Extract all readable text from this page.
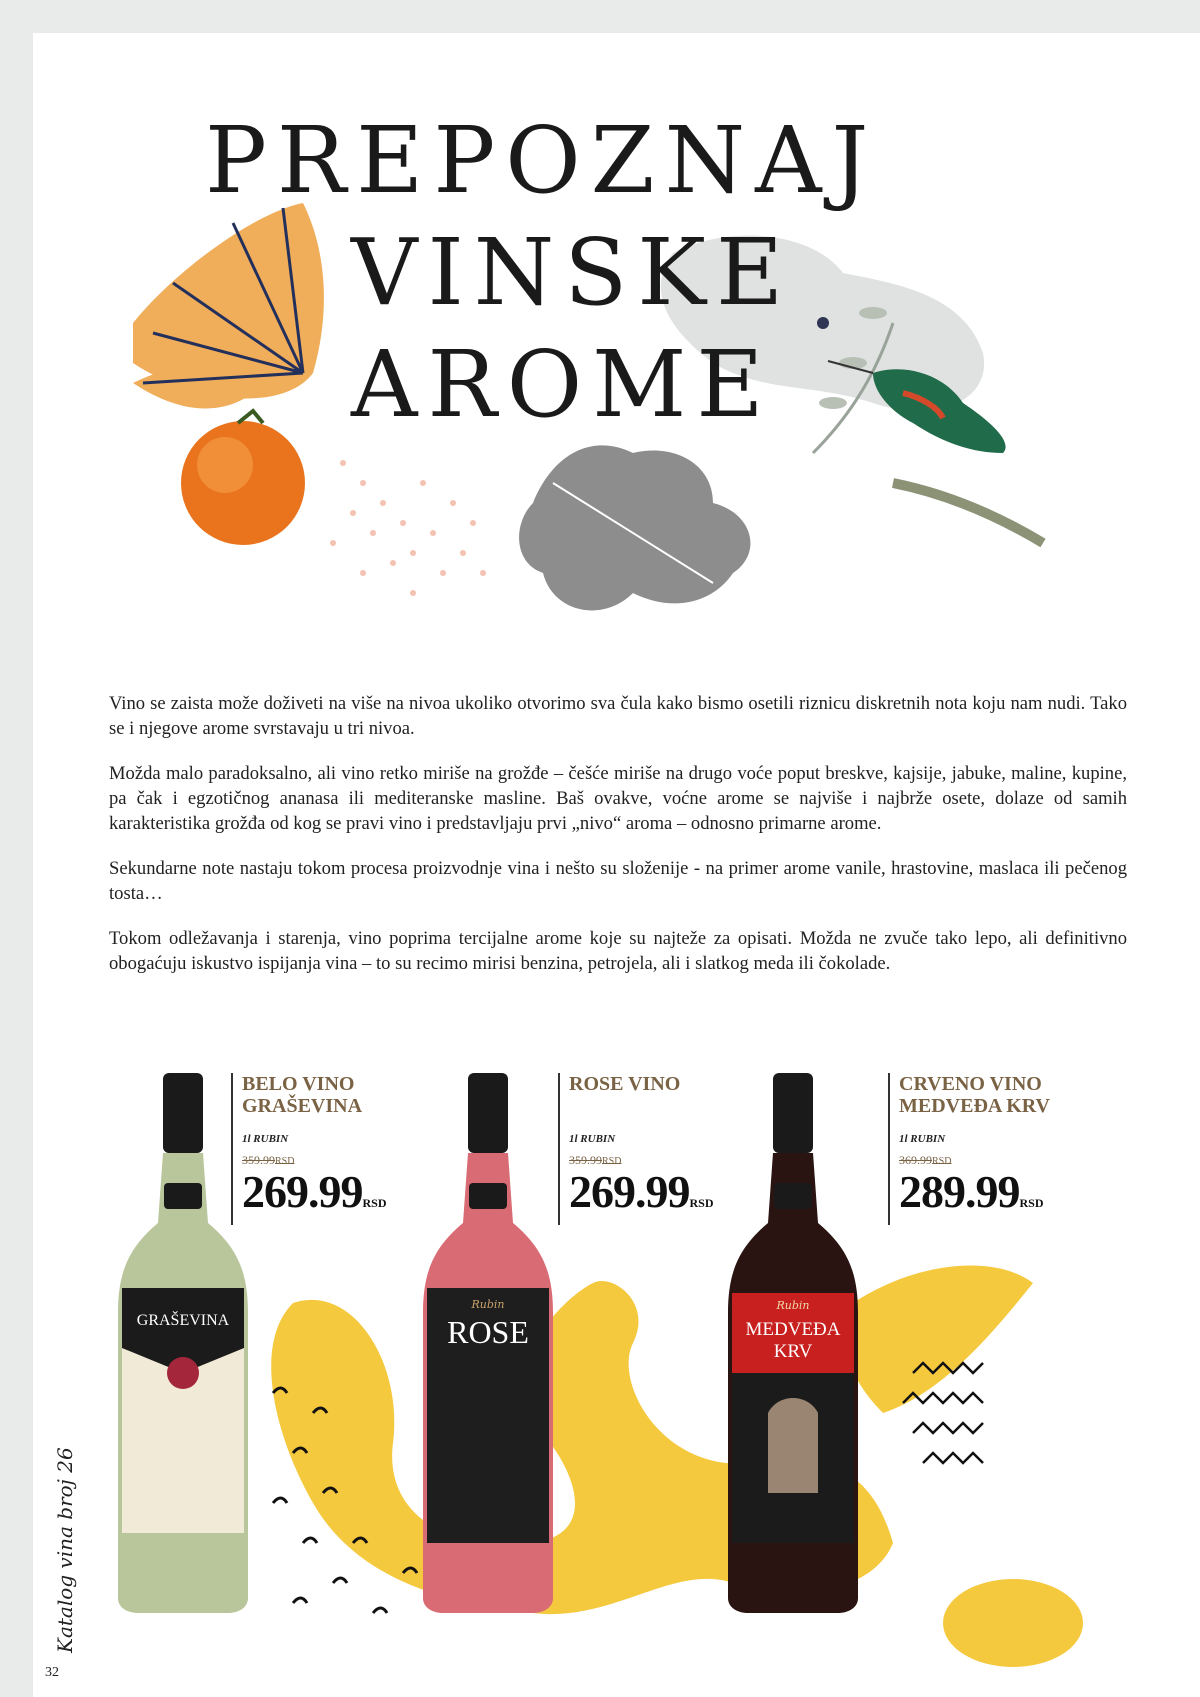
PREPOZNAJ
VINSKE
AROME

Vino se zaista može doživeti na više na nivoa ukoliko otvorimo sva čula kako bismo osetili riznicu diskretnih nota koju nam nudi. Tako se i njegove arome svrstavaju u tri nivoa.

Možda malo paradoksalno, ali vino retko miriše na grožđe – češće miriše na drugo voće poput breskve, kajsije, jabuke, maline, kupine, pa čak i egzotičnog ananasa ili mediteranske masline. Baš ovakve, voćne arome se najviše i najbrže osete, dolaze od samih karakteristika grožđa od kog se pravi vino i predstavljaju prvi „nivo“ aroma – odnosno primarne arome.

Sekundarne note nastaju tokom procesa proizvodnje vina i nešto su složenije - na primer arome vanile, hrastovine, maslaca ili pečenog tosta…

Tokom odležavanja i starenja, vino poprima tercijalne arome koje su najteže za opisati. Možda ne zvuče tako lepo, ali definitivno obogaćuju iskustvo ispijanja vina – to su recimo mirisi benzina, petrojela, ali i slatkog meda ili čokolade.

GRAŠEVINA
Rubin
ROSE
Rubin
MEDVEĐA
KRV
BELO VINO
GRAŠEVINA
1l RUBIN
359.99RSD
269.99RSD
ROSE VINO
1l RUBIN
359.99RSD
269.99RSD
CRVENO VINO
MEDVEĐA KRV
1l RUBIN
369.99RSD
289.99RSD
Katalog vina broj 26
32
